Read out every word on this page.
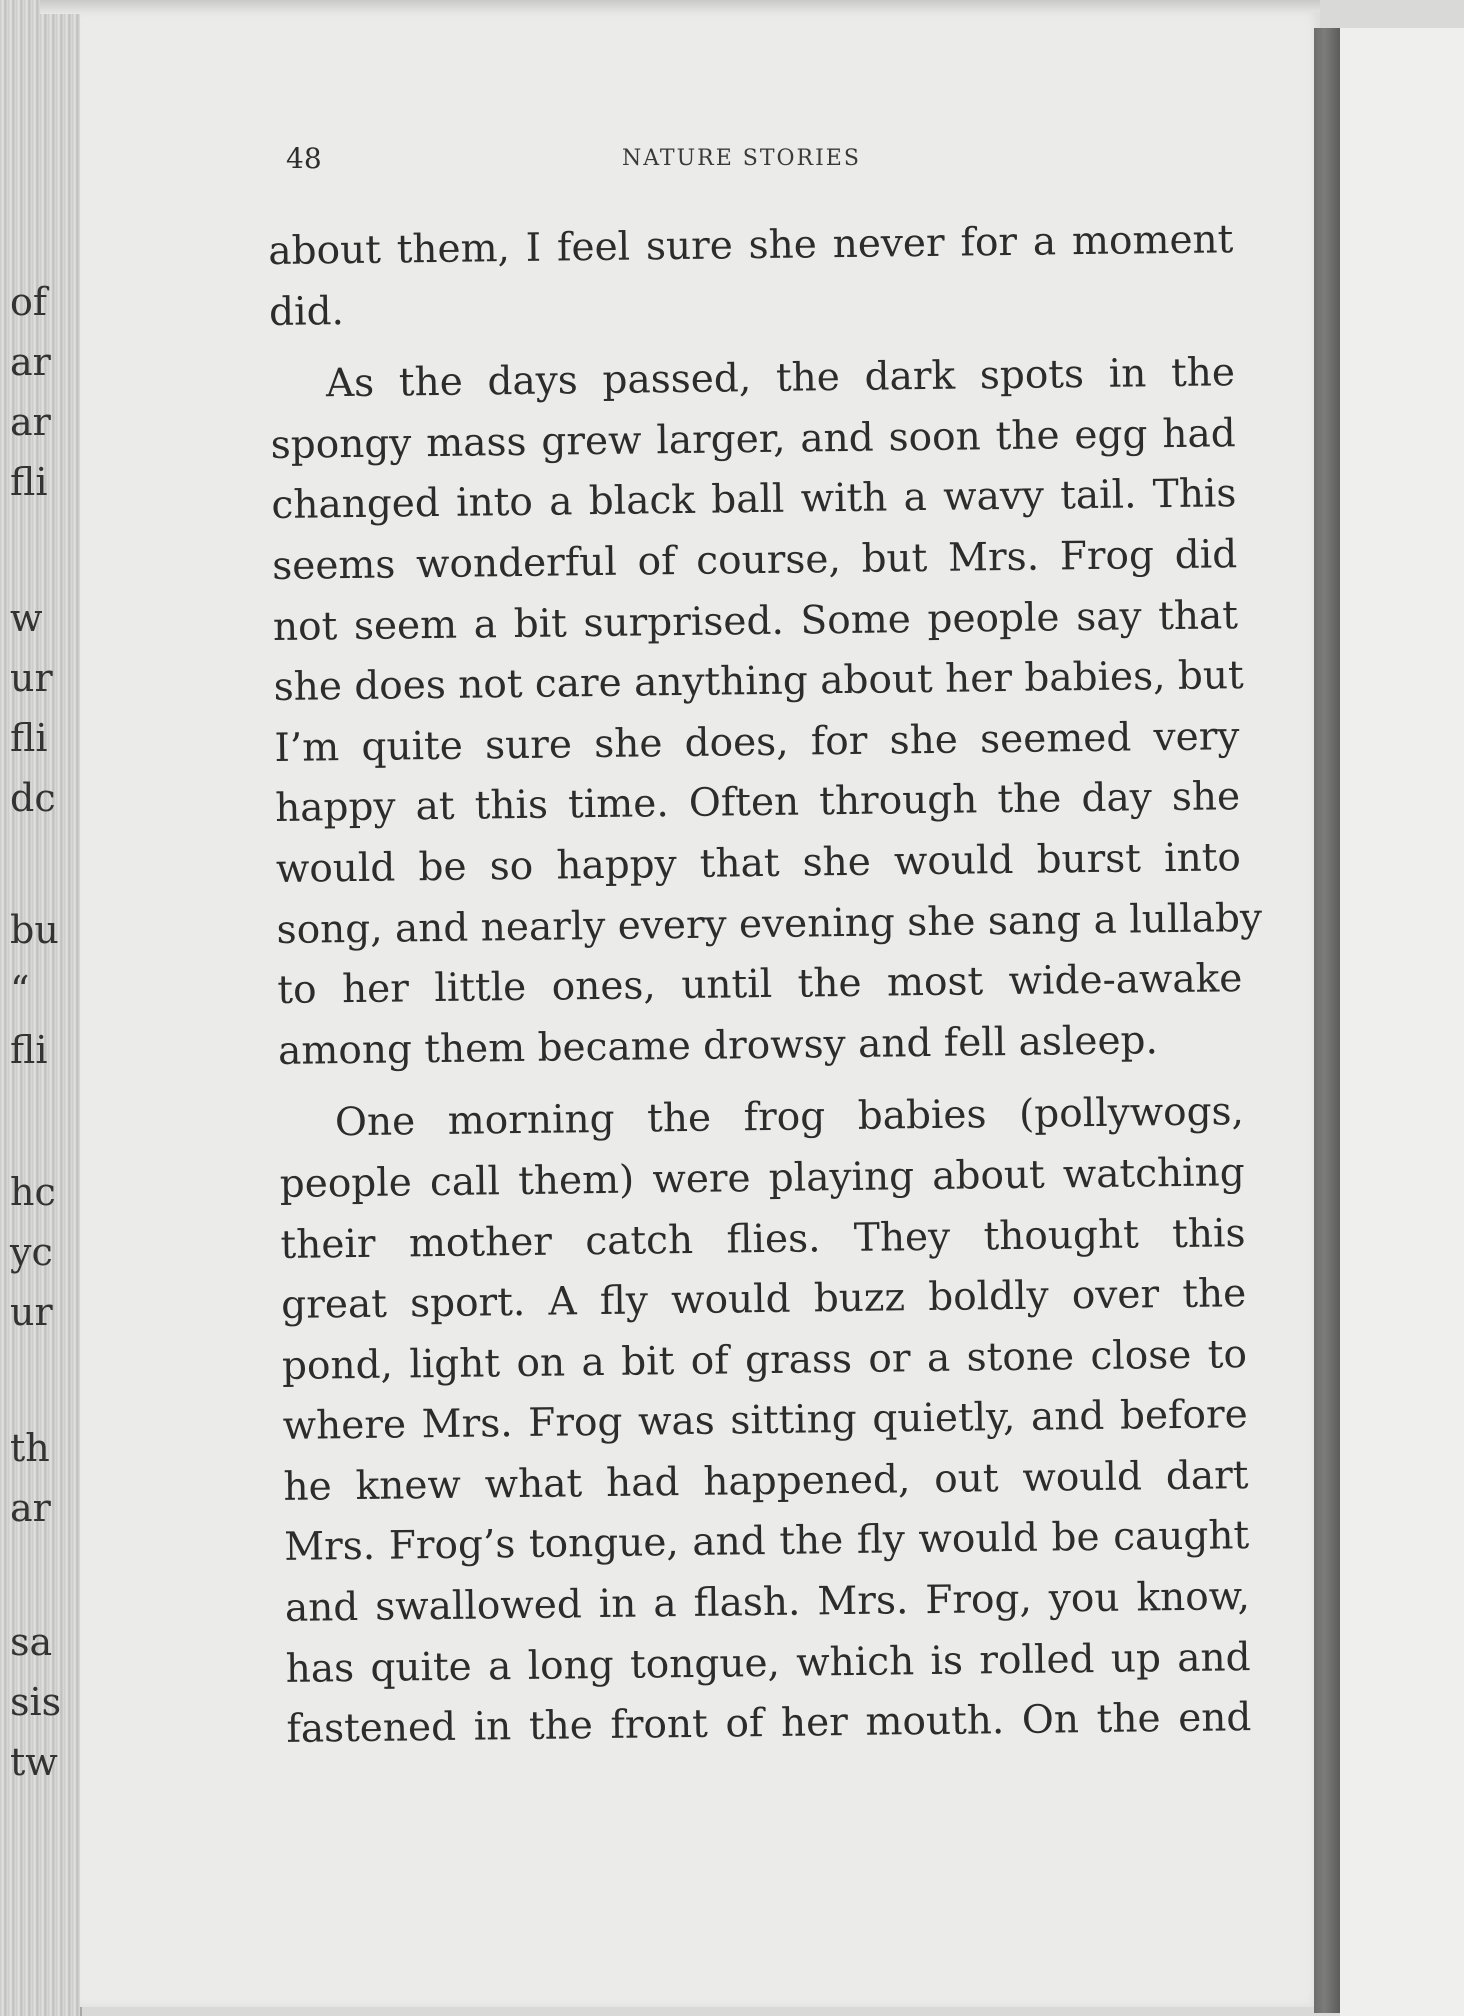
48	NATURE STORIES
about them, I feel sure she never for a moment
did.
As the days passed, the dark spots in the
spongy mass grew larger, and soon the egg had
changed into a black ball with a wavy tail. This
seems wonderful of course, but Mrs. Frog did
not seem a bit surprised. Some people say that
she does not care anything about her babies, but
I’m quite sure she does, for she seemed very
happy at this time. Often through the day she
would be so happy that she would burst into
song, and nearly every evening she sang a lullaby
to her little ones, until the most wide-awake
among them became drowsy and fell asleep.
One morning the frog babies (pollywogs,
people call them) were playing about watching
their mother catch flies. They thought this
great sport. A fly would buzz boldly over the
pond, light on a bit of grass or a stone close to
where Mrs. Frog was sitting quietly, and before
he knew what had happened, out would dart
Mrs. Frog’s tongue, and the fly would be caught
and swallowed in a flash. Mrs. Frog, you know,
has quite a long tongue, which is rolled up and
fastened in the front of her mouth. On the end
of
ar
ar
fli
w
ur
fli
dc
bu
“
fli
hc
yc
ur
th
ar
sa
sis
tw
